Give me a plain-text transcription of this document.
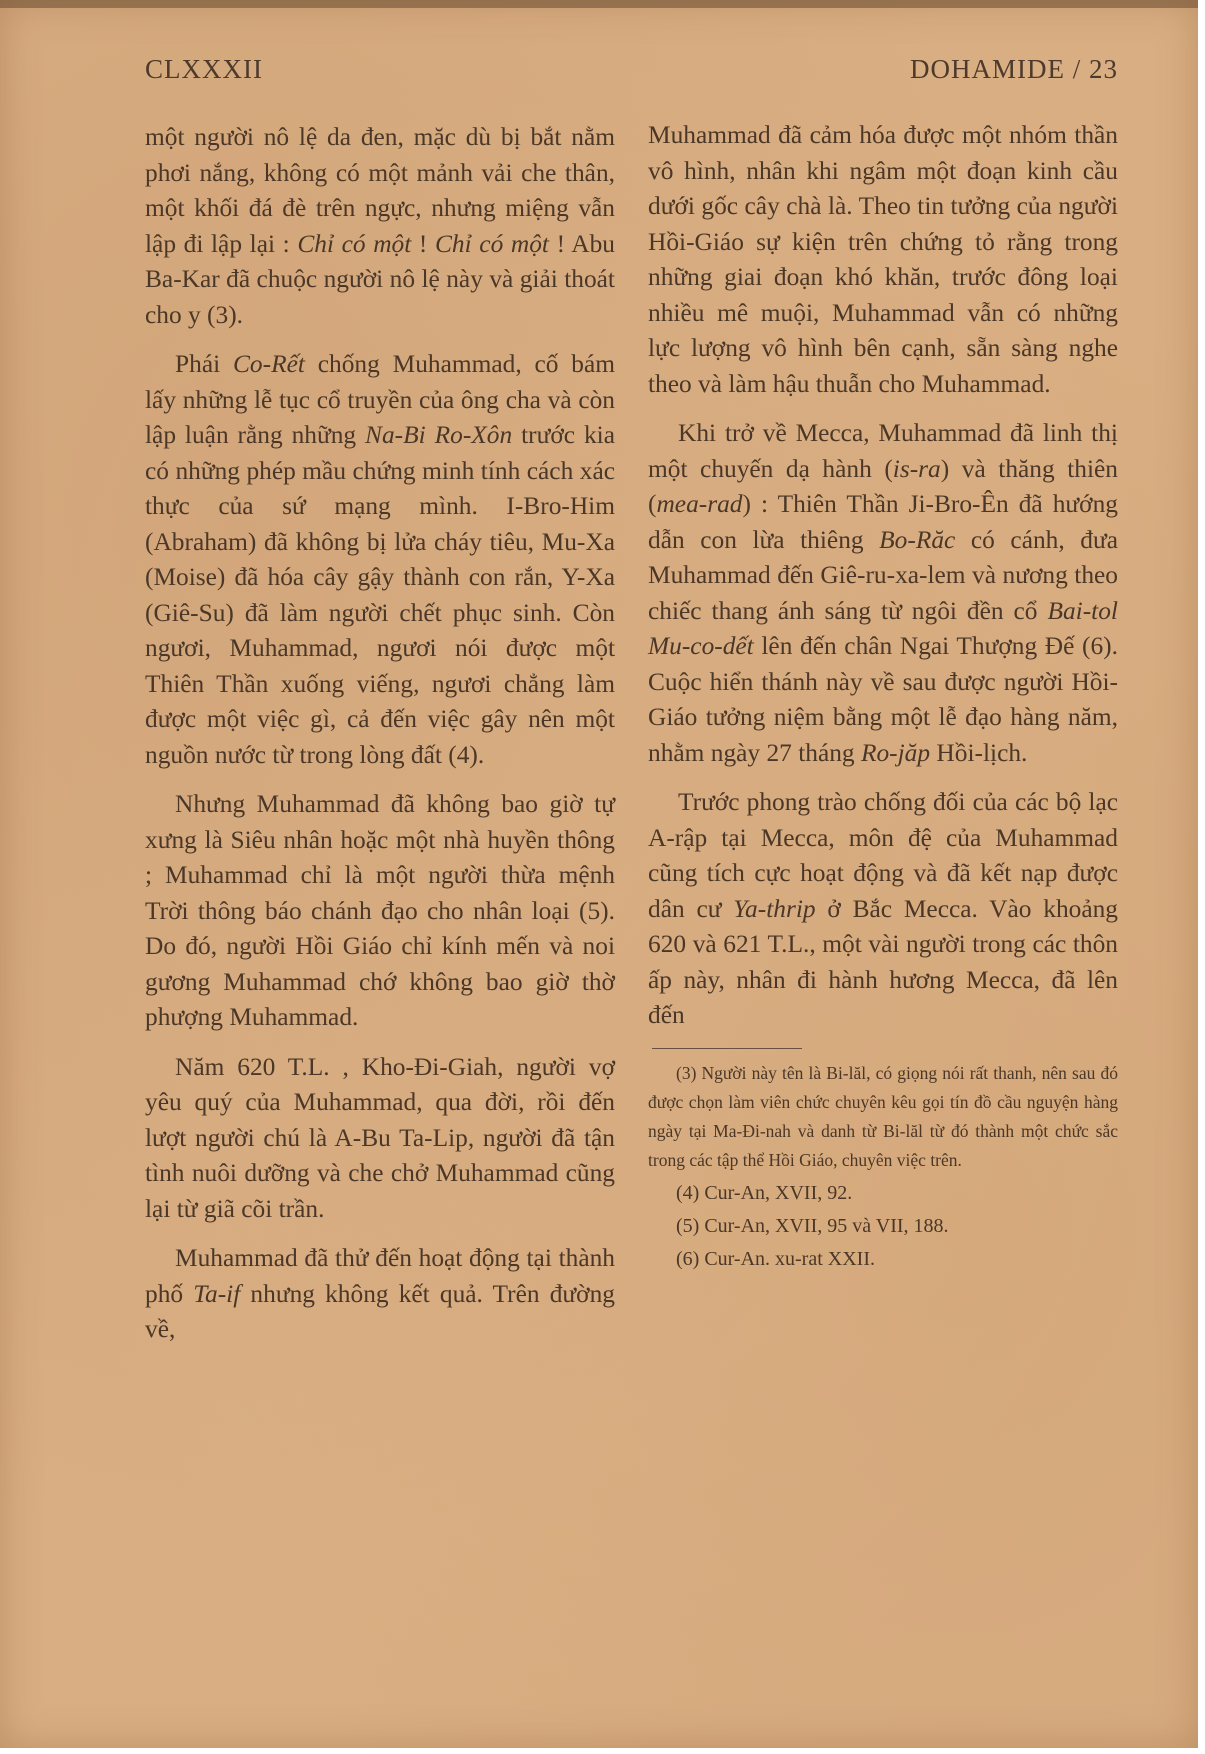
CLXXXII	DOHAMIDE / 23

một người nô lệ da đen, mặc dù bị bắt nằm phơi nắng, không có một mảnh vải che thân, một khối đá đè trên ngực, nhưng miệng vẫn lập đi lập lại : Chỉ có một ! Chỉ có một ! Abu Ba-Kar đã chuộc người nô lệ này và giải thoát cho y (3).

Phái Co-Rết chống Muhammad, cố bám lấy những lễ tục cổ truyền của ông cha và còn lập luận rằng những Na-Bi Ro-Xôn trước kia có những phép mầu chứng minh tính cách xác thực của sứ mạng mình. I-Bro-Him (Abraham) đã không bị lửa cháy tiêu, Mu-Xa (Moise) đã hóa cây gậy thành con rắn, Y-Xa (Giê-Su) đã làm người chết phục sinh. Còn ngươi, Muhammad, ngươi nói được một Thiên Thần xuống viếng, ngươi chẳng làm được một việc gì, cả đến việc gây nên một nguồn nước từ trong lòng đất (4).

Nhưng Muhammad đã không bao giờ tự xưng là Siêu nhân hoặc một nhà huyền thông ; Muhammad chỉ là một người thừa mệnh Trời thông báo chánh đạo cho nhân loại (5). Do đó, người Hồi Giáo chỉ kính mến và noi gương Muhammad chớ không bao giờ thờ phượng Muhammad.

Năm 620 T.L. , Kho-Đi-Giah, người vợ yêu quý của Muhammad, qua đời, rồi đến lượt người chú là A-Bu Ta-Lip, người đã tận tình nuôi dưỡng và che chở Muhammad cũng lại từ giã cõi trần.

Muhammad đã thử đến hoạt động tại thành phố Ta-if nhưng không kết quả. Trên đường về,

Muhammad đã cảm hóa được một nhóm thần vô hình, nhân khi ngâm một đoạn kinh cầu dưới gốc cây chà là. Theo tin tưởng của người Hồi-Giáo sự kiện trên chứng tỏ rằng trong những giai đoạn khó khăn, trước đông loại nhiều mê muội, Muhammad vẫn có những lực lượng vô hình bên cạnh, sẵn sàng nghe theo và làm hậu thuẫn cho Muhammad.

Khi trở về Mecca, Muhammad đã linh thị một chuyến dạ hành (is-ra) và thăng thiên (mea-rad) : Thiên Thần Ji-Bro-Ên đã hướng dẫn con lừa thiêng Bo-Răc có cánh, đưa Muhammad đến Giê-ru-xa-lem và nương theo chiếc thang ánh sáng từ ngôi đền cổ Bai-tol Mu-co-dết lên đến chân Ngai Thượng Đế (6). Cuộc hiển thánh này về sau được người Hồi-Giáo tưởng niệm bằng một lễ đạo hàng năm, nhằm ngày 27 tháng Ro-jăp Hồi-lịch.

Trước phong trào chống đối của các bộ lạc A-rập tại Mecca, môn đệ của Muhammad cũng tích cực hoạt động và đã kết nạp được dân cư Ya-thrip ở Bắc Mecca. Vào khoảng 620 và 621 T.L., một vài người trong các thôn ấp này, nhân đi hành hương Mecca, đã lên đến

(3) Người này tên là Bi-lăl, có giọng nói rất thanh, nên sau đó được chọn làm viên chức chuyên kêu gọi tín đồ cầu nguyện hàng ngày tại Ma-Đi-nah và danh từ Bi-lăl từ đó thành một chức sắc trong các tập thể Hồi Giáo, chuyên việc trên.

(4) Cur-An, XVII, 92.

(5) Cur-An, XVII, 95 và VII, 188.

(6) Cur-An. xu-rat XXII.
